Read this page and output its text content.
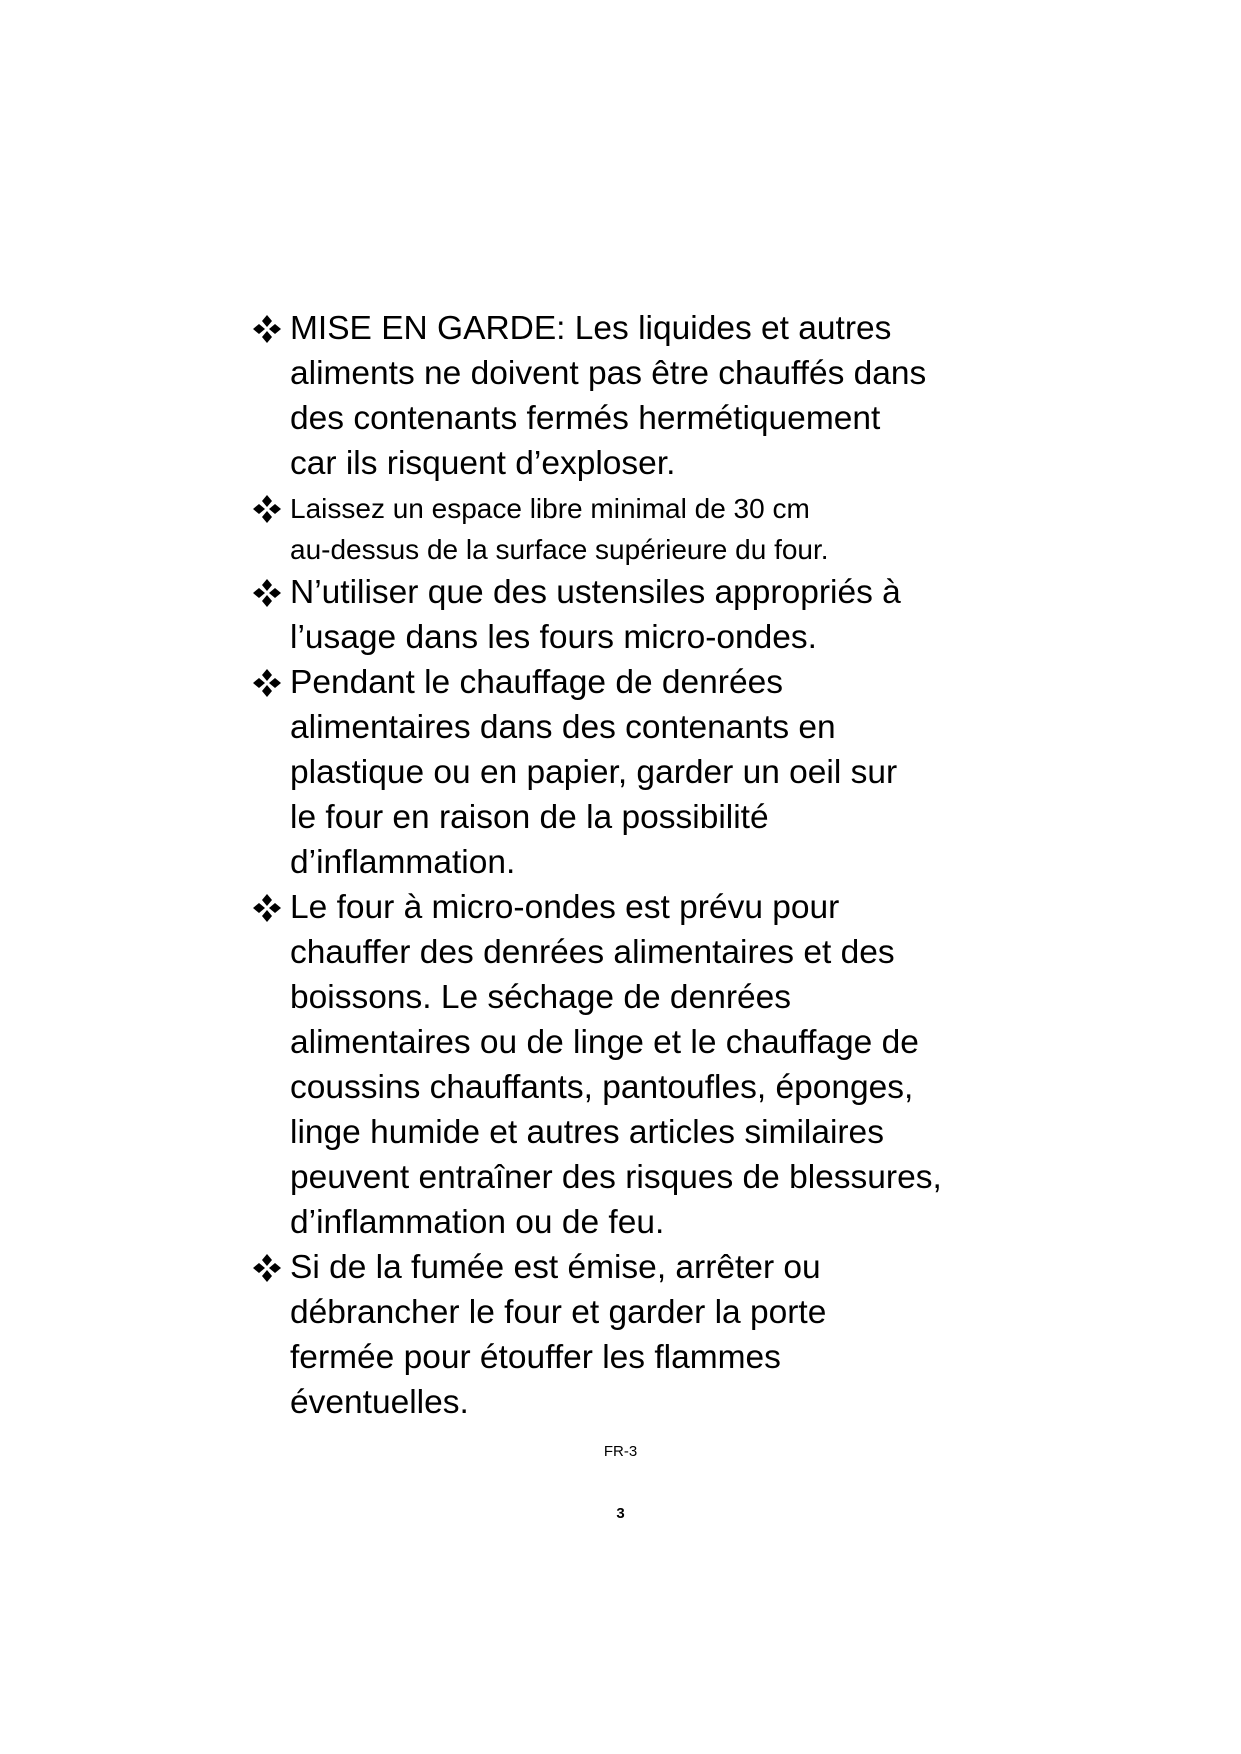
MISE EN GARDE: Les liquides et autres
aliments ne doivent pas être chauffés dans
des contenants fermés hermétiquement
car ils risquent d’exploser.
Laissez un espace libre minimal de 30 cm
au-dessus de la surface supérieure du four.
N’utiliser que des ustensiles appropriés à
l’usage dans les fours micro-ondes.
Pendant le chauffage de denrées
alimentaires dans des contenants en
plastique ou en papier, garder un oeil sur
le four en raison de la possibilité
d’inflammation.
Le four à micro-ondes est prévu pour
chauffer des denrées alimentaires et des
boissons. Le séchage de denrées
alimentaires ou de linge et le chauffage de
coussins chauffants, pantoufles, éponges,
linge humide et autres articles similaires
peuvent entraîner des risques de blessures,
d’inflammation ou de feu.
Si de la fumée est émise, arrêter ou
débrancher le four et garder la porte
fermée pour étouffer les flammes
éventuelles.
FR-3
3
